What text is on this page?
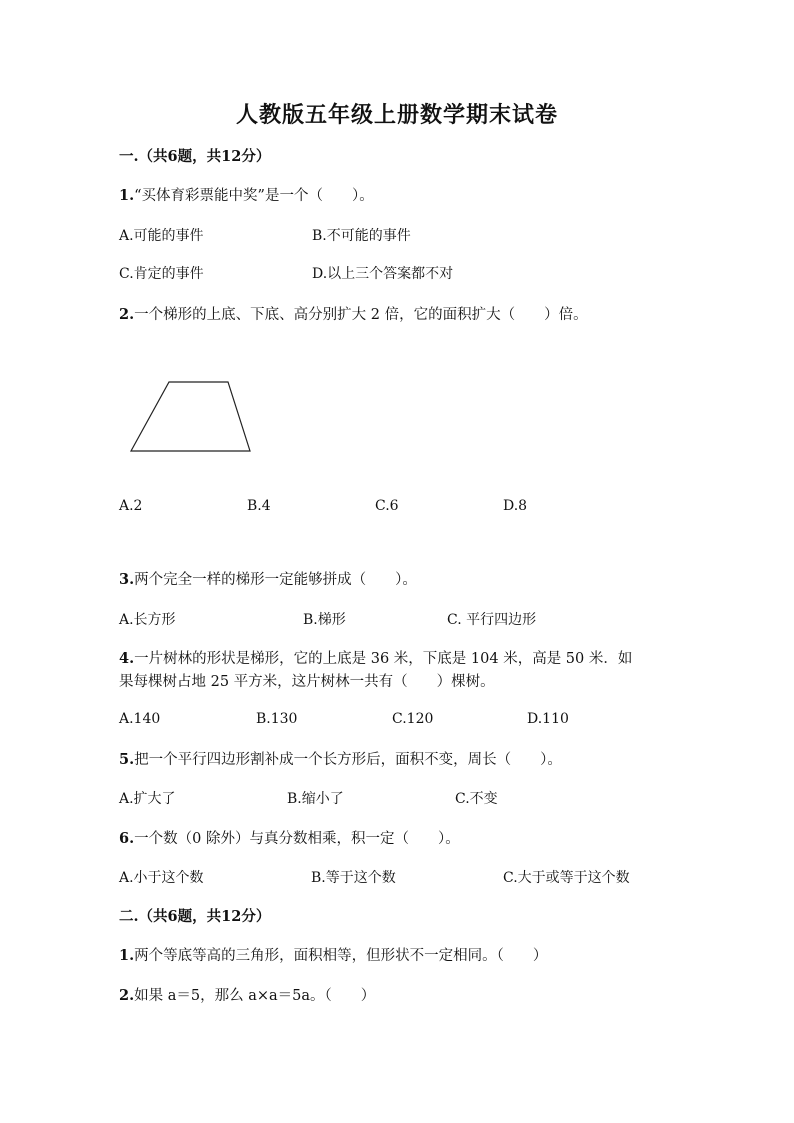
人教版五年级上册数学期末试卷
一.（共6题，共12分）
1.“买体育彩票能中奖”是一个（　　）。
A.可能的事件	B.不可能的事件
C.肯定的事件	D.以上三个答案都不对
2.一个梯形的上底、下底、高分别扩大 2 倍，它的面积扩大（　　）倍。
A.2	B.4	C.6	D.8
3.两个完全一样的梯形一定能够拼成（　　）。
A.长方形	B.梯形	C. 平行四边形
4.一片树林的形状是梯形，它的上底是 36 米，下底是 104 米，高是 50 米．如
果每棵树占地 25 平方米，这片树林一共有（　　）棵树。
A.140	B.130	C.120	D.110
5.把一个平行四边形割补成一个长方形后，面积不变，周长（　　）。
A.扩大了	B.缩小了	C.不变
6.一个数（0 除外）与真分数相乘，积一定（　　）。
A.小于这个数	B.等于这个数	C.大于或等于这个数
二.（共6题，共12分）
1.两个等底等高的三角形，面积相等，但形状不一定相同。（　　）
2.如果 a＝5，那么 a×a＝5a。（　　）
